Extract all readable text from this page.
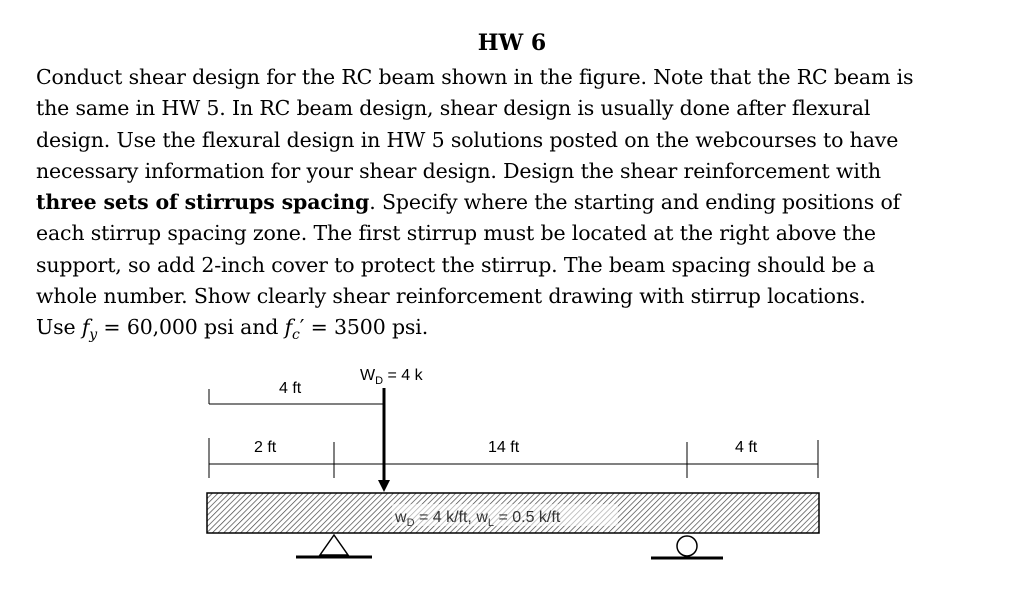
HW 6
Conduct shear design for the RC beam shown in the figure. Note that the RC beam is
the same in HW 5. In RC beam design, shear design is usually done after flexural
design. Use the flexural design in HW 5 solutions posted on the webcourses to have
necessary information for your shear design. Design the shear reinforcement with
three sets of stirrups spacing. Specify where the starting and ending positions of
each stirrup spacing zone. The first stirrup must be located at the right above the
support, so add 2-inch cover to protect the stirrup. The beam spacing should be a
whole number. Show clearly shear reinforcement drawing with stirrup locations.
Use $f_y = 60,000$ psi and $f_c' = 3500$ psi.
4 ft
$W_D = 4$ k
2 ft	14 ft	4 ft
$w_D = 4$ k/ft, $w_L = 0.5$ k/ft
